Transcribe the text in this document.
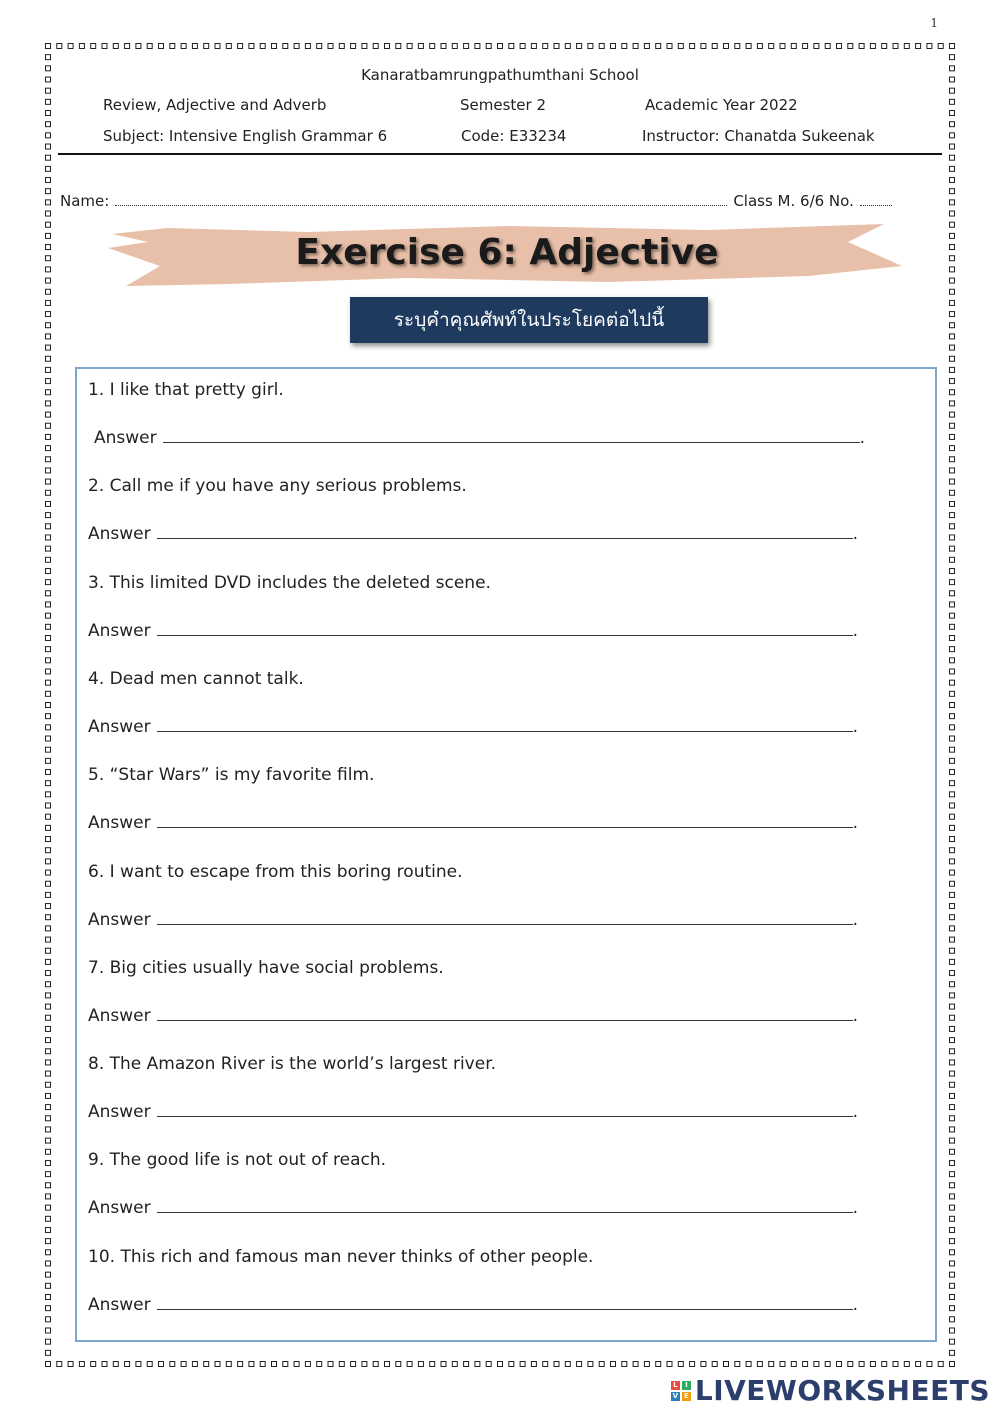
1
Kanaratbamrungpathumthani School
Review, Adjective and Adverb	Semester 2	Academic Year 2022
Subject: Intensive English Grammar 6	Code: E33234	Instructor: Chanatda Sukeenak
Name:	Class M. 6/6 No.
Exercise 6: Adjective
ระบุคำคุณศัพท์ในประโยคต่อไปนี้
1. I like that pretty girl.
Answer	.
2. Call me if you have any serious problems.
Answer	.
3. This limited DVD includes the deleted scene.
Answer	.
4. Dead men cannot talk.
Answer	.
5. “Star Wars” is my favorite film.
Answer	.
6. I want to escape from this boring routine.
Answer	.
7. Big cities usually have social problems.
Answer	.
8. The Amazon River is the world’s largest river.
Answer	.
9. The good life is not out of reach.
Answer	.
10. This rich and famous man never thinks of other people.
Answer	.
L	I
V E LIVEWORKSHEETS
